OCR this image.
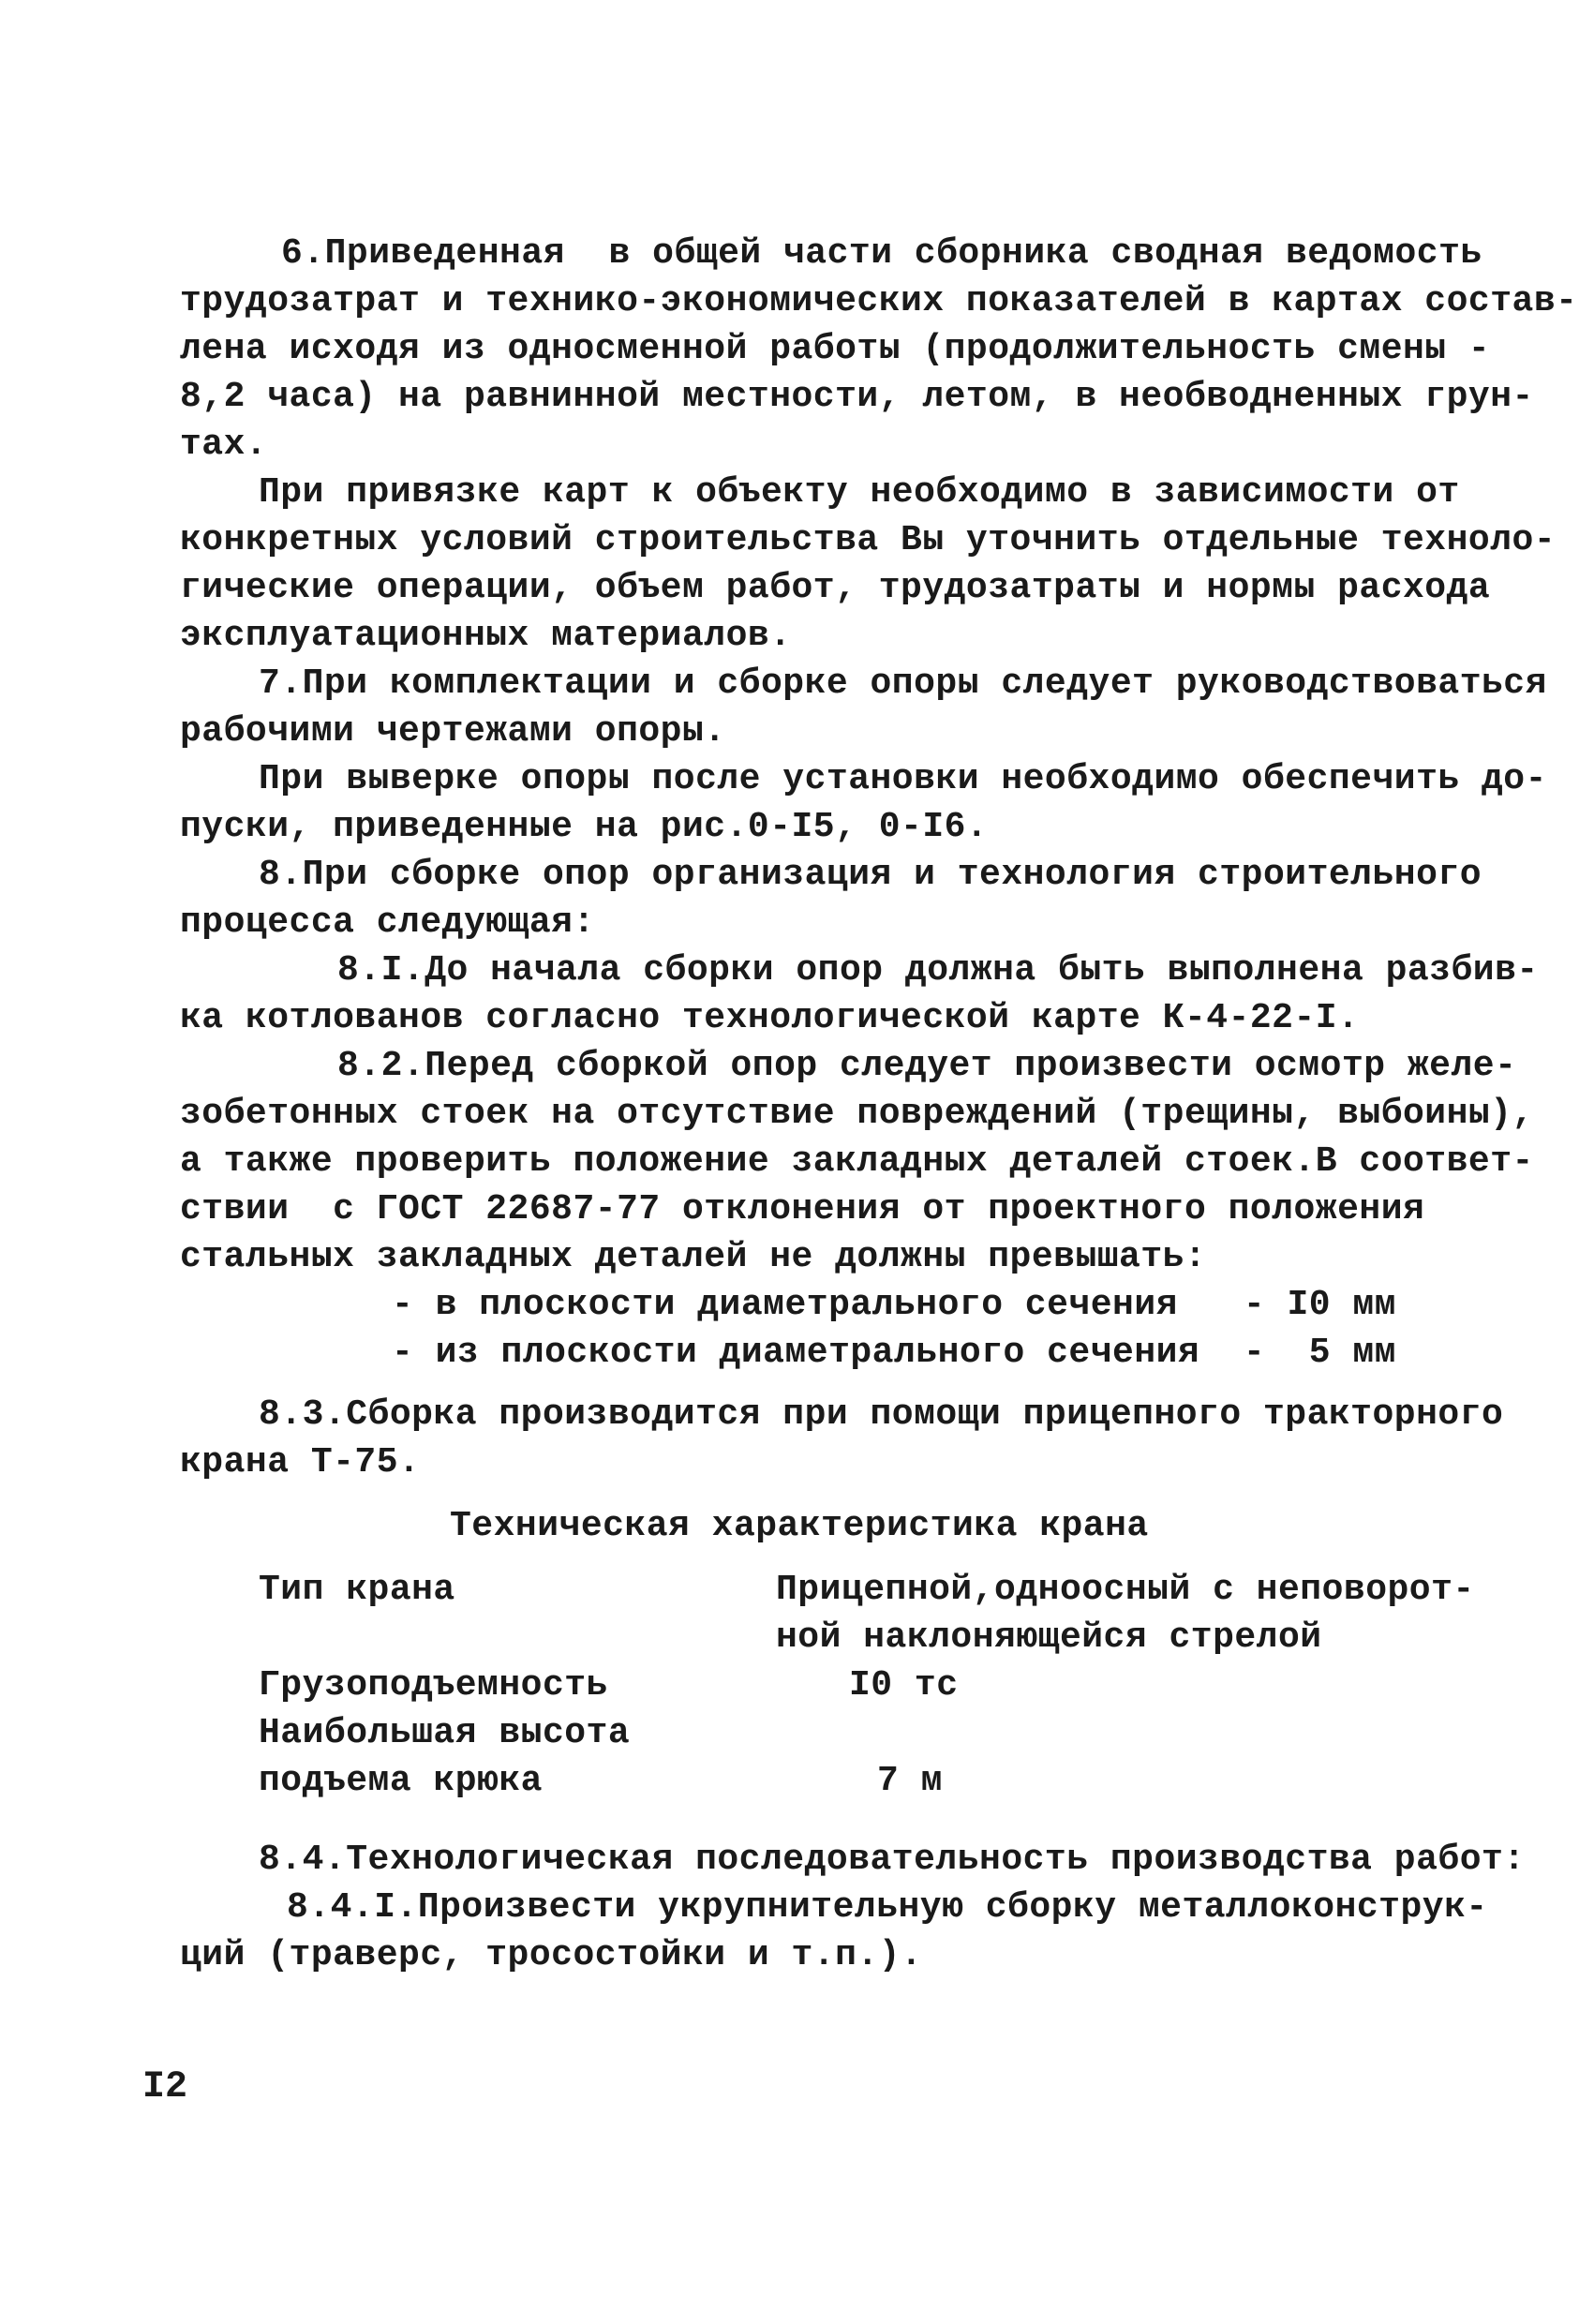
6.Приведенная  в общей части сборника сводная ведомость
трудозатрат и технико-экономических показателей в картах состав-
лена исходя из односменной работы (продолжительность смены -
8,2 часа) на равнинной местности, летом, в необводненных грун-
тах.
При привязке карт к объекту необходимо в зависимости от
конкретных условий строительства Вы уточнить отдельные техноло-
гические операции, объем работ, трудозатраты и нормы расхода
эксплуатационных материалов.
7.При комплектации и сборке опоры следует руководствоваться
рабочими чертежами опоры.
При выверке опоры после установки необходимо обеспечить до-
пуски, приведенные на рис.0-I5, 0-I6.
8.При сборке опор организация и технология строительного
процесса следующая:
8.I.До начала сборки опор должна быть выполнена разбив-
ка котлованов согласно технологической карте К-4-22-I.
8.2.Перед сборкой опор следует произвести осмотр желе-
зобетонных стоек на отсутствие повреждений (трещины, выбоины),
а также проверить положение закладных деталей стоек.В соответ-
ствии  с ГОСТ 22687-77 отклонения от проектного положения
стальных закладных деталей не должны превышать:
- в плоскости диаметрального сечения   - I0 мм
- из плоскости диаметрального сечения  -  5 мм
8.3.Сборка производится при помощи прицепного тракторного
крана Т-75.
Техническая характеристика крана
Тип крана	Прицепной,одноосный с неповорот-
ной наклоняющейся стрелой
Грузоподъемность	I0 тс
Наибольшая высота
подъема крюка	7 м
8.4.Технологическая последовательность производства работ:
8.4.I.Произвести укрупнительную сборку металлоконструк-
ций (траверс, тросостойки и т.п.).
I2
